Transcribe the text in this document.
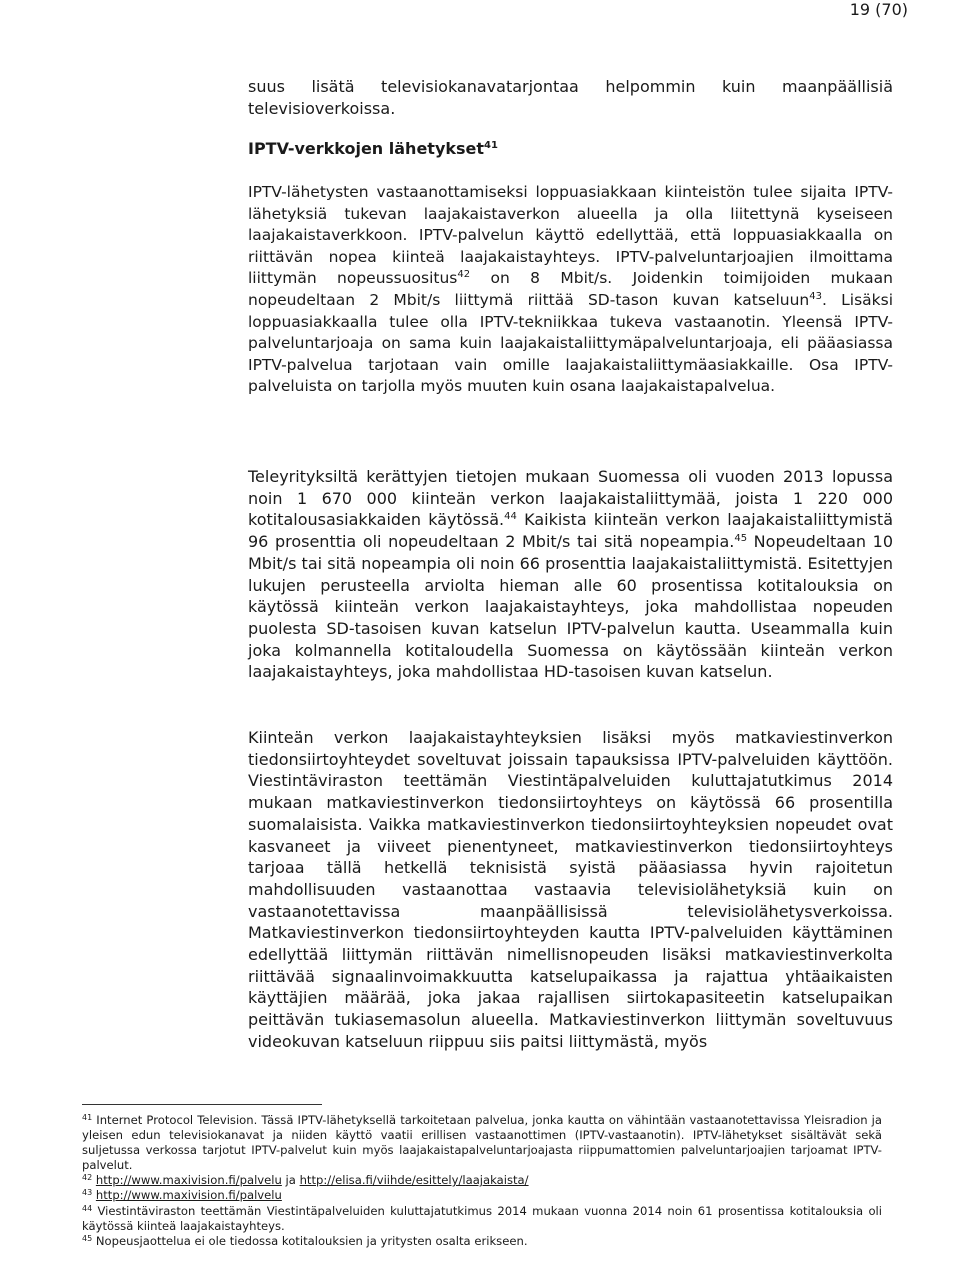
19 (70)

suus lisätä televisiokanavatarjontaa helpommin kuin maanpäällisiä televisioverkoissa.

IPTV-verkkojen lähetykset$^{41}$

IPTV-lähetysten vastaanottamiseksi loppuasiakkaan kiinteistön tulee sijaita IPTV-lähetyksiä tukevan laajakaistaverkon alueella ja olla liitettynä kyseiseen laajakaistaverkkoon. IPTV-palvelun käyttö edellyttää, että loppuasiakkaalla on riittävän nopea kiinteä laajakaistayhteys. IPTV-palveluntarjoajien ilmoittama liittymän nopeussuositus$^{42}$ on 8 Mbit/s. Joidenkin toimijoiden mukaan nopeudeltaan 2 Mbit/s liittymä riittää SD-tason kuvan katseluun$^{43}$. Lisäksi loppuasiakkaalla tulee olla IPTV-tekniikkaa tukeva vastaanotin. Yleensä IPTV-palveluntarjoaja on sama kuin laajakaistaliittymäpalveluntarjoaja, eli pääasiassa IPTV-palvelua tarjotaan vain omille laajakaistaliittymäasiakkaille. Osa IPTV-palveluista on tarjolla myös muuten kuin osana laajakaistapalvelua.

Teleyrityksiltä kerättyjen tietojen mukaan Suomessa oli vuoden 2013 lopussa noin 1 670 000 kiinteän verkon laajakaistaliittymää, joista 1 220 000 kotitalousasiakkaiden käytössä.$^{44}$ Kaikista kiinteän verkon laajakaistaliittymistä 96 prosenttia oli nopeudeltaan 2 Mbit/s tai sitä nopeampia.$^{45}$ Nopeudeltaan 10 Mbit/s tai sitä nopeampia oli noin 66 prosenttia laajakaistaliittymistä. Esitettyjen lukujen perusteella arviolta hieman alle 60 prosentissa kotitalouksia on käytössä kiinteän verkon laajakaistayhteys, joka mahdollistaa nopeuden puolesta SD-tasoisen kuvan katselun IPTV-palvelun kautta. Useammalla kuin joka kolmannella kotitaloudella Suomessa on käytössään kiinteän verkon laajakaistayhteys, joka mahdollistaa HD-tasoisen kuvan katselun.

Kiinteän verkon laajakaistayhteyksien lisäksi myös matkaviestinverkon tiedonsiirtoyhteydet soveltuvat joissain tapauksissa IPTV-palveluiden käyttöön. Viestintäviraston teettämän Viestintäpalveluiden kuluttajatutkimus 2014 mukaan matkaviestinverkon tiedonsiirtoyhteys on käytössä 66 prosentilla suomalaisista. Vaikka matkaviestinverkon tiedonsiirtoyhteyksien nopeudet ovat kasvaneet ja viiveet pienentyneet, matkaviestinverkon tiedonsiirtoyhteys tarjoaa tällä hetkellä teknisistä syistä pääasiassa hyvin rajoitetun mahdollisuuden vastaanottaa vastaavia televisiolähetyksiä kuin on vastaanotettavissa maanpäällisissä televisiolähetysverkoissa. Matkaviestinverkon tiedonsiirtoyhteyden kautta IPTV-palveluiden käyttäminen edellyttää liittymän riittävän nimellisnopeuden lisäksi matkaviestinverkolta riittävää signaalinvoimakkuutta katselupaikassa ja rajattua yhtäaikaisten käyttäjien määrää, joka jakaa rajallisen siirtokapasiteetin katselupaikan peittävän tukiasemasolun alueella. Matkaviestinverkon liittymän soveltuvuus videokuvan katseluun riippuu siis paitsi liittymästä, myös

$^{41}$ Internet Protocol Television. Tässä IPTV-lähetyksellä tarkoitetaan palvelua, jonka kautta on vähintään vastaanotettavissa Yleisradion ja yleisen edun televisiokanavat ja niiden käyttö vaatii erillisen vastaanottimen (IPTV-vastaanotin). IPTV-lähetykset sisältävät sekä suljetussa verkossa tarjotut IPTV-palvelut kuin myös laajakaistapalveluntarjoajasta riippumattomien palveluntarjoajien tarjoamat IPTV-palvelut.

$^{42}$ http://www.maxivision.fi/palvelu ja http://elisa.fi/viihde/esittely/laajakaista/

$^{43}$ http://www.maxivision.fi/palvelu

$^{44}$ Viestintäviraston teettämän Viestintäpalveluiden kuluttajatutkimus 2014 mukaan vuonna 2014 noin 61 prosentissa kotitalouksia oli käytössä kiinteä laajakaistayhteys.

$^{45}$ Nopeusjaottelua ei ole tiedossa kotitalouksien ja yritysten osalta erikseen.
